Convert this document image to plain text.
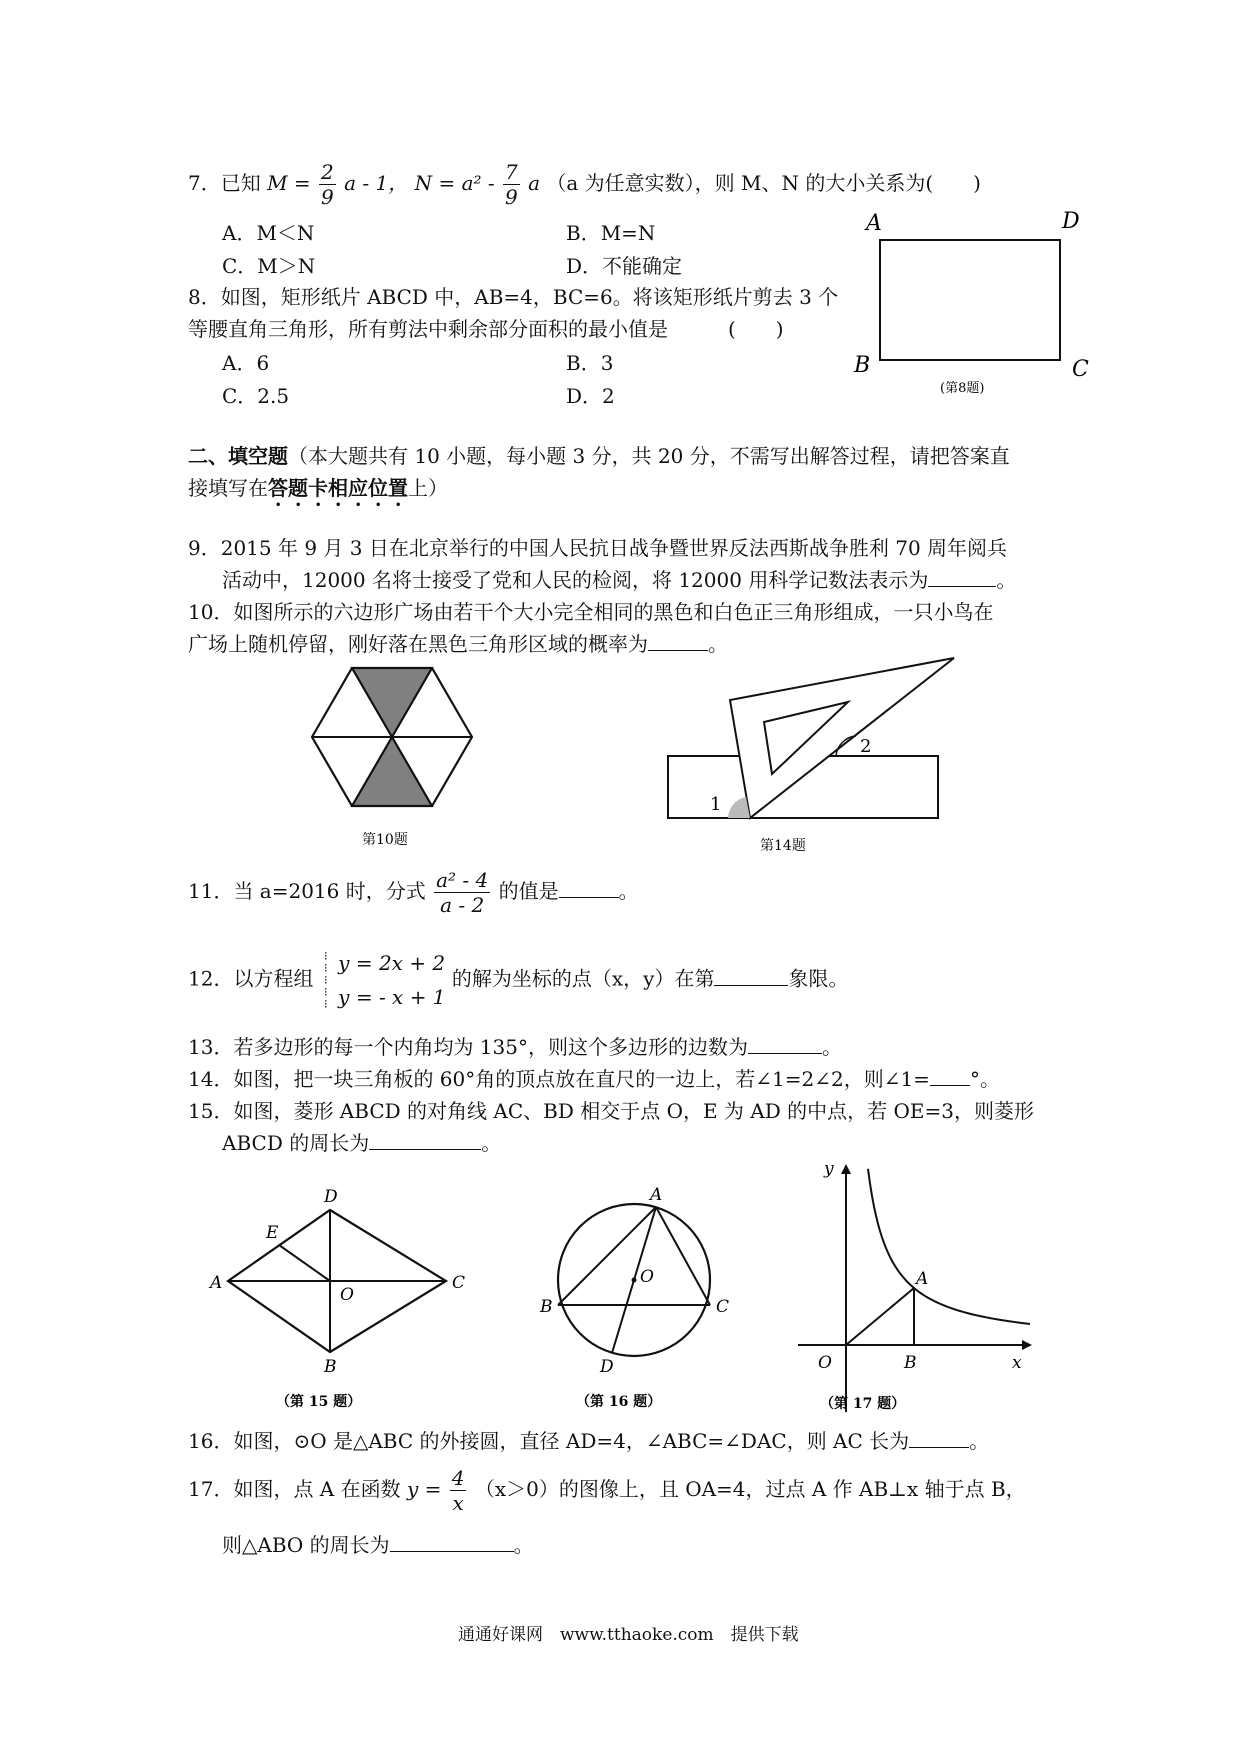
7．已知 $M = \frac{2}{9}$ a - 1， $N = a^2 - \frac{7}{9}$ a （a 为任意实数），则 M、N 的大小关系为(　　)
A．M＜N	B．M=N
C．M＞N	D．不能确定
8．如图，矩形纸片 ABCD 中，AB=4，BC=6。将该矩形纸片剪去 3 个
等腰直角三角形，所有剪法中剩余部分面积的最小值是　　　(　　)
A．6	B．3
C．2.5	D．2
A	D
B	C
(第8题)
二、填空题（本大题共有 10 小题，每小题 3 分，共 20 分，不需写出解答过程，请把答案直
接填写在答题卡相应位置上）
9．2015 年 9 月 3 日在北京举行的中国人民抗日战争暨世界反法西斯战争胜利 70 周年阅兵
活动中，12000 名将士接受了党和人民的检阅，将 12000 用科学记数法表示为	。
10．如图所示的六边形广场由若干个大小完全相同的黑色和白色正三角形组成，一只小鸟在
广场上随机停留，刚好落在黑色三角形区域的概率为	。
第10题
1
2
第14题
11．当 a=2016 时，分式 $\frac{\text{a² - 4}}{a - 2}$ 的值是	。
12．以方程组 ⁝
⁝
⁝
⁝
⁝
y = 2x + 2
y = - x + 1
的解为坐标的点（x，y）在第	象限。
13．若多边形的每一个内角均为 135°，则这个多边形的边数为	。
14．如图，把一块三角板的 60°角的顶点放在直尺的一边上，若∠1=2∠2，则∠1= °。
15．如图，菱形 ABCD 的对角线 AC、BD 相交于点 O，E 为 AD 的中点，若 OE=3，则菱形
ABCD 的周长为	。
A
D
C
B
E
O
（第 15 题）
A
B	C
D
O
（第 16 题）
y
x
O
A
B
（第 17 题）
16．如图，⊙O 是△ABC 的外接圆，直径 AD=4，∠ABC=∠DAC，则 AC 长为	。
17．如图，点 A 在函数 $y = \frac{4}{x} (x>0)$的图像上，且 OA=4，过点 A 作 AB⊥x 轴于点 B，
则△ABO 的周长为	。
通通好课网　www.tthaoke.com　提供下载
